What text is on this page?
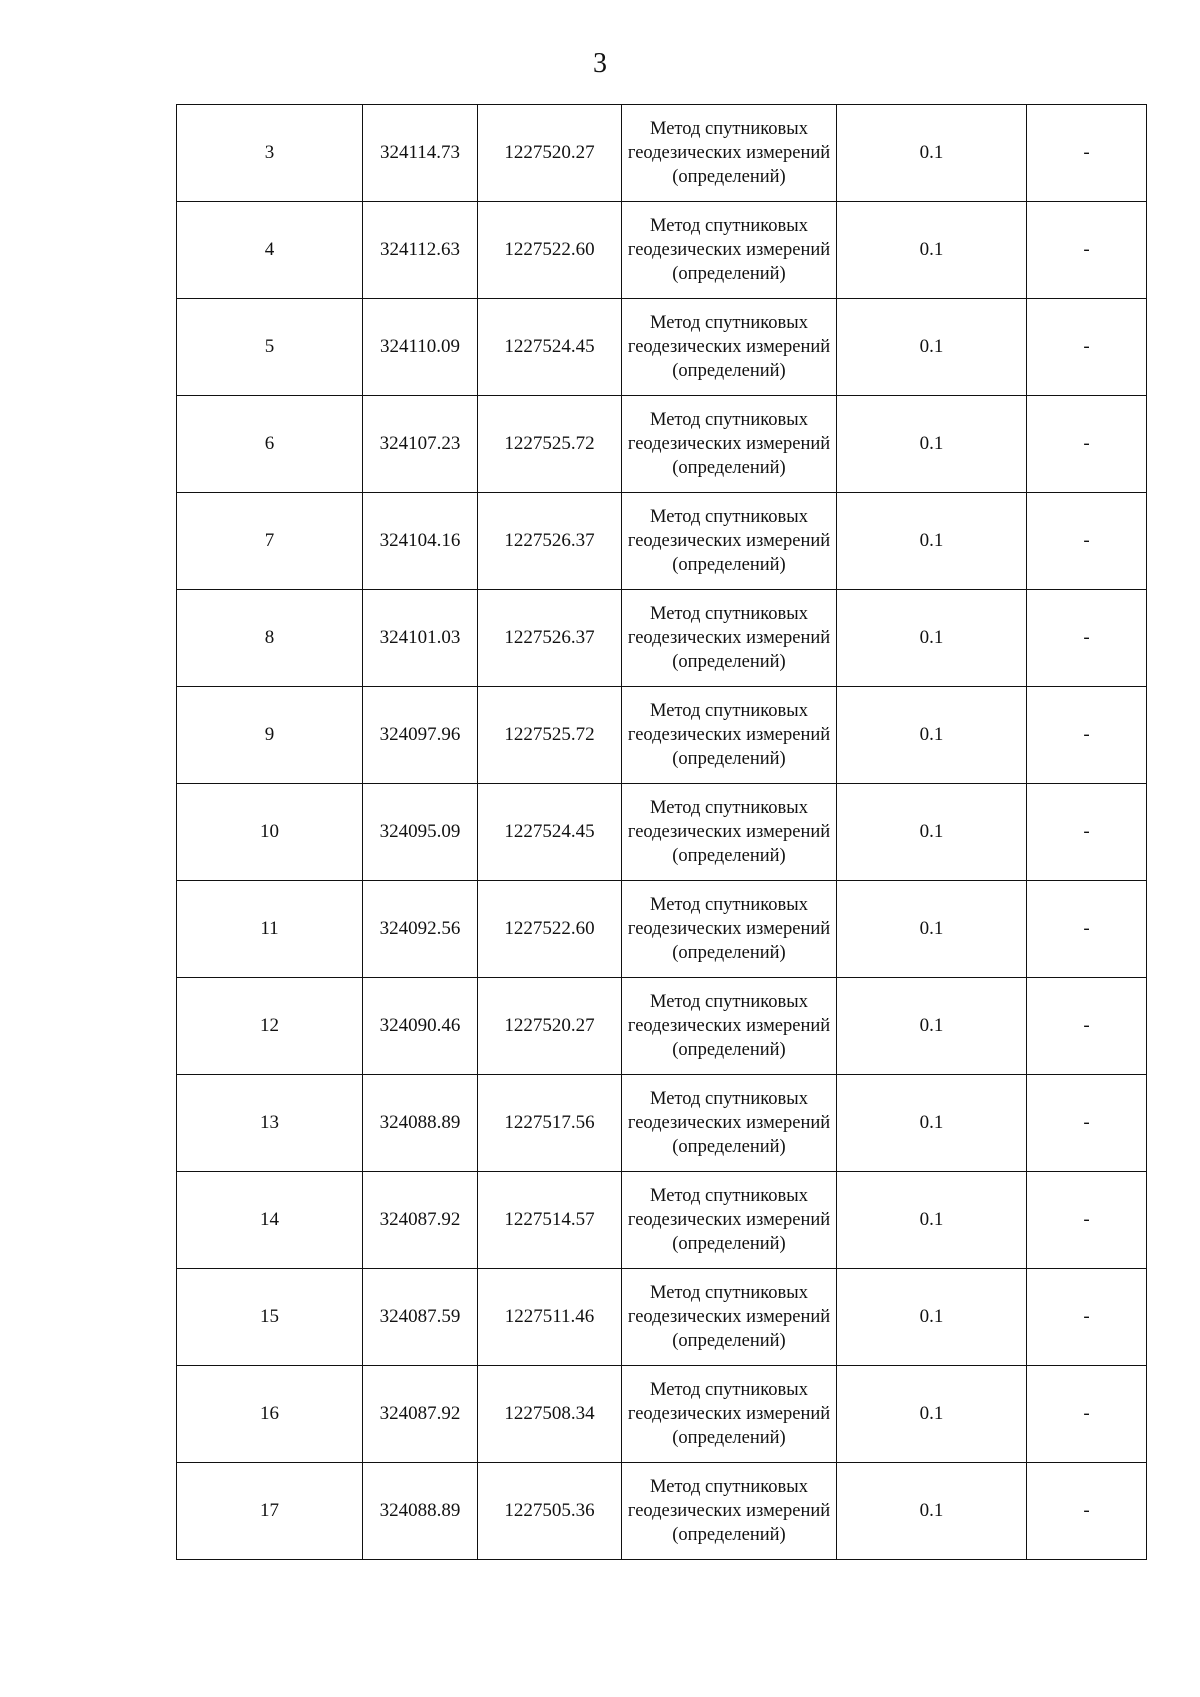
3
3	324114.73	1227520.27	Метод спутниковых геодезических измерений (определений)	0.1	-
4	324112.63	1227522.60	Метод спутниковых геодезических измерений (определений)	0.1	-
5	324110.09	1227524.45	Метод спутниковых геодезических измерений (определений)	0.1	-
6	324107.23	1227525.72	Метод спутниковых геодезических измерений (определений)	0.1	-
7	324104.16	1227526.37	Метод спутниковых геодезических измерений (определений)	0.1	-
8	324101.03	1227526.37	Метод спутниковых геодезических измерений (определений)	0.1	-
9	324097.96	1227525.72	Метод спутниковых геодезических измерений (определений)	0.1	-
10	324095.09	1227524.45	Метод спутниковых геодезических измерений (определений)	0.1	-
11	324092.56	1227522.60	Метод спутниковых геодезических измерений (определений)	0.1	-
12	324090.46	1227520.27	Метод спутниковых геодезических измерений (определений)	0.1	-
13	324088.89	1227517.56	Метод спутниковых геодезических измерений (определений)	0.1	-
14	324087.92	1227514.57	Метод спутниковых геодезических измерений (определений)	0.1	-
15	324087.59	1227511.46	Метод спутниковых геодезических измерений (определений)	0.1	-
16	324087.92	1227508.34	Метод спутниковых геодезических измерений (определений)	0.1	-
17	324088.89	1227505.36	Метод спутниковых геодезических измерений (определений)	0.1	-
